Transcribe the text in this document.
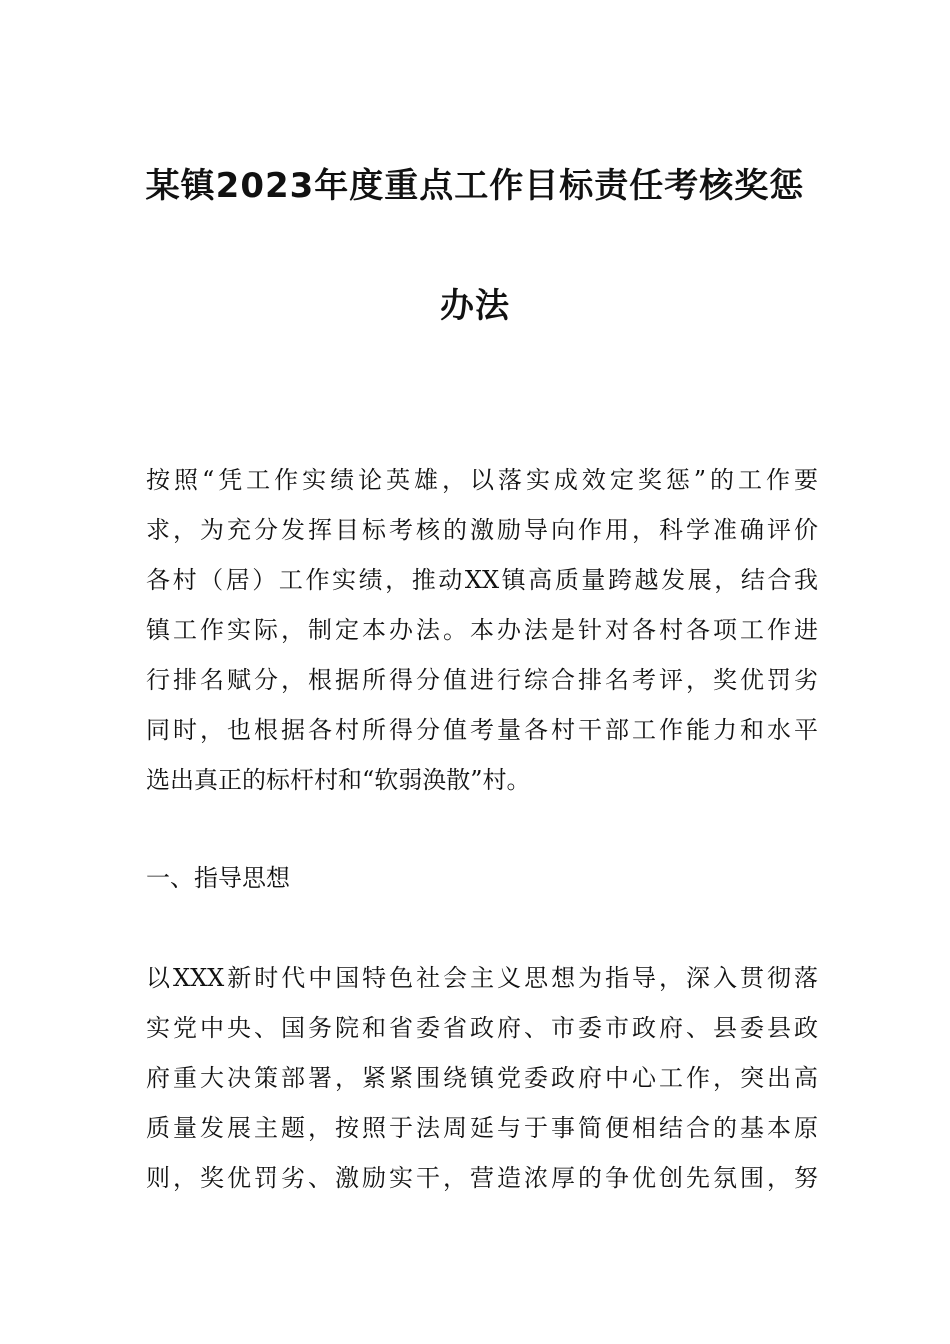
某镇2023年度重点工作目标责任考核奖惩
办法
按照“凭工作实绩论英雄，以落实成效定奖惩”的工作要
求，为充分发挥目标考核的激励导向作用，科学准确评价
各村（居）工作实绩，推动XX镇高质量跨越发展，结合我
镇工作实际，制定本办法。本办法是针对各村各项工作进
行排名赋分，根据所得分值进行综合排名考评，奖优罚劣
同时，也根据各村所得分值考量各村干部工作能力和水平
选出真正的标杆村和“软弱涣散”村。
一、指导思想
以XXX新时代中国特色社会主义思想为指导，深入贯彻落
实党中央、国务院和省委省政府、市委市政府、县委县政
府重大决策部署，紧紧围绕镇党委政府中心工作，突出高
质量发展主题，按照于法周延与于事简便相结合的基本原
则，奖优罚劣、激励实干，营造浓厚的争优创先氛围，努
